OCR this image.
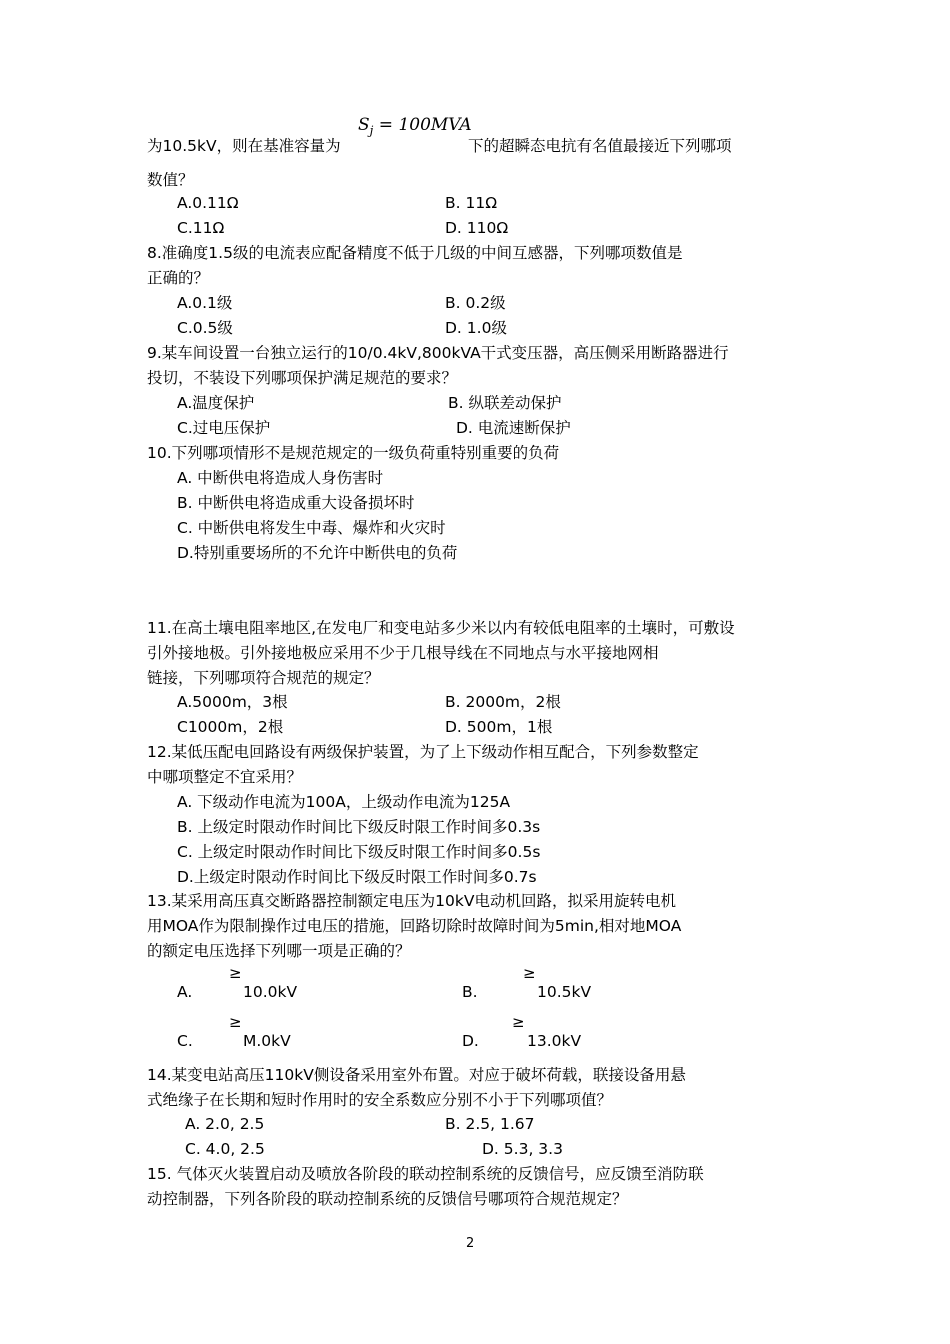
$S_j = 100MVA$
为10.5kV，则在基准容量为	下的超瞬态电抗有名值最接近下列哪项
数值？
A.0.11Ω	B. 11Ω
C.11Ω	D. 110Ω
8.准确度1.5级的电流表应配备精度不低于几级的中间互感器，下列哪项数值是
正确的？
A.0.1级	B. 0.2级
C.0.5级	D. 1.0级
9.某车间设置一台独立运行的10/0.4kV,800kVA干式变压器，高压侧采用断路器进行
投切，不装设下列哪项保护满足规范的要求？
A.温度保护	B. 纵联差动保护
C.过电压保护	D. 电流速断保护
10.下列哪项情形不是规范规定的一级负荷重特别重要的负荷
A. 中断供电将造成人身伤害时
B. 中断供电将造成重大设备损坏时
C. 中断供电将发生中毒、爆炸和火灾时
D.特别重要场所的不允许中断供电的负荷
11.在高土壤电阻率地区,在发电厂和变电站多少米以内有较低电阻率的土壤时，可敷设
引外接地极。引外接地极应采用不少于几根导线在不同地点与水平接地网相
链接，下列哪项符合规范的规定？
A.5000m，3根	B. 2000m，2根
C1000m，2根	D. 500m，1根
12.某低压配电回路设有两级保护装置，为了上下级动作相互配合，下列参数整定
中哪项整定不宜采用？
A. 下级动作电流为100A，上级动作电流为125A
B. 上级定时限动作时间比下级反时限工作时间多0.3s
C. 上级定时限动作时间比下级反时限工作时间多0.5s
D.上级定时限动作时间比下级反时限工作时间多0.7s
13.某采用高压真交断路器控制额定电压为10kV电动机回路，拟采用旋转电机
用MOA作为限制操作过电压的措施，回路切除时故障时间为5min,相对地MOA
的额定电压选择下列哪一项是正确的？
≥
A.	10.0kV
≥
B.	10.5kV
≥
C.	M.0kV
≥
D.	13.0kV
14.某变电站高压110kV侧设备采用室外布置。对应于破坏荷载，联接设备用悬
式绝缘子在长期和短时作用时的安全系数应分别不小于下列哪项值？
A. 2.0, 2.5	B. 2.5, 1.67
C. 4.0, 2.5	D. 5.3, 3.3
15. 气体灭火装置启动及喷放各阶段的联动控制系统的反馈信号，应反馈至消防联
动控制器，下列各阶段的联动控制系统的反馈信号哪项符合规范规定？
2
